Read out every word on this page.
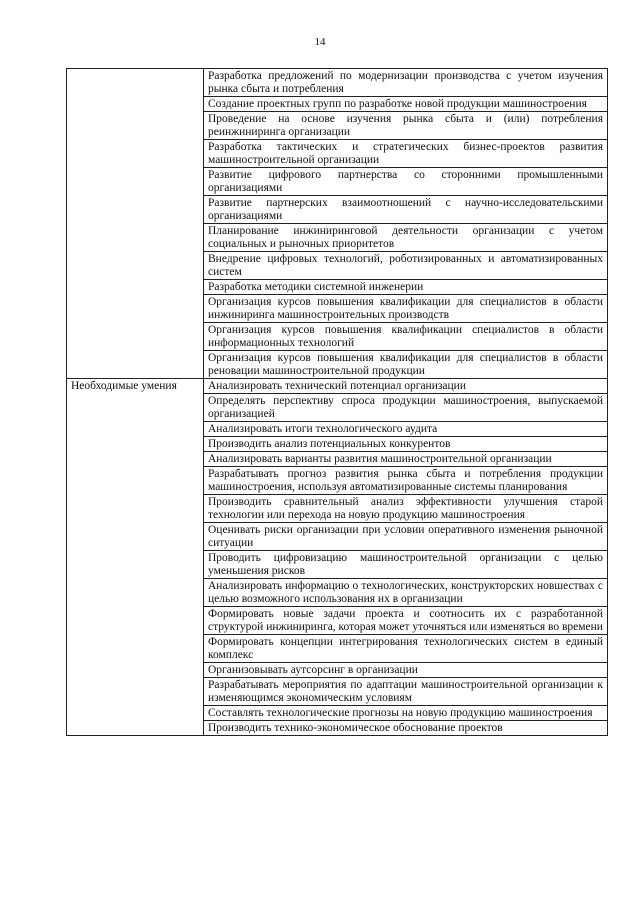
14
	Разработка предложений по модернизации производства с учетом изучения рынка сбыта и потребления
	Создание проектных групп по разработке новой продукции машиностроения
	Проведение на основе изучения рынка сбыта и (или) потребления реинжиниринга организации
	Разработка тактических и стратегических бизнес-проектов развития машиностроительной организации
	Развитие цифрового партнерства со сторонними промышленными организациями
	Развитие партнерских взаимоотношений с научно-исследовательскими организациями
	Планирование инжиниринговой деятельности организации с учетом социальных и рыночных приоритетов
	Внедрение цифровых технологий, роботизированных и автоматизированных систем
	Разработка методики системной инженерии
	Организация курсов повышения квалификации для специалистов в области инжиниринга машиностроительных производств
	Организация курсов повышения квалификации специалистов в области информационных технологий
	Организация курсов повышения квалификации для специалистов в области реновации машиностроительной продукции
Необходимые умения	Анализировать технический потенциал организации
	Определять перспективу спроса продукции машиностроения, выпускаемой организацией
	Анализировать итоги технологического аудита
	Производить анализ потенциальных конкурентов
	Анализировать варианты развития машиностроительной организации
	Разрабатывать прогноз развития рынка сбыта и потребления продукции машиностроения, используя автоматизированные системы планирования
	Производить сравнительный анализ эффективности улучшения старой технологии или перехода на новую продукцию машиностроения
	Оценивать риски организации при условии оперативного изменения рыночной ситуации
	Проводить цифровизацию машиностроительной организации с целью уменьшения рисков
	Анализировать информацию о технологических, конструкторских новшествах с целью возможного использования их в организации
	Формировать новые задачи проекта и соотносить их с разработанной структурой инжиниринга, которая может уточняться или изменяться во времени
	Формировать концепции интегрирования технологических систем в единый комплекс
	Организовывать аутсорсинг в организации
	Разрабатывать мероприятия по адаптации машиностроительной организации к изменяющимся экономическим условиям
	Составлять технологические прогнозы на новую продукцию машиностроения
	Производить технико-экономическое обоснование проектов
